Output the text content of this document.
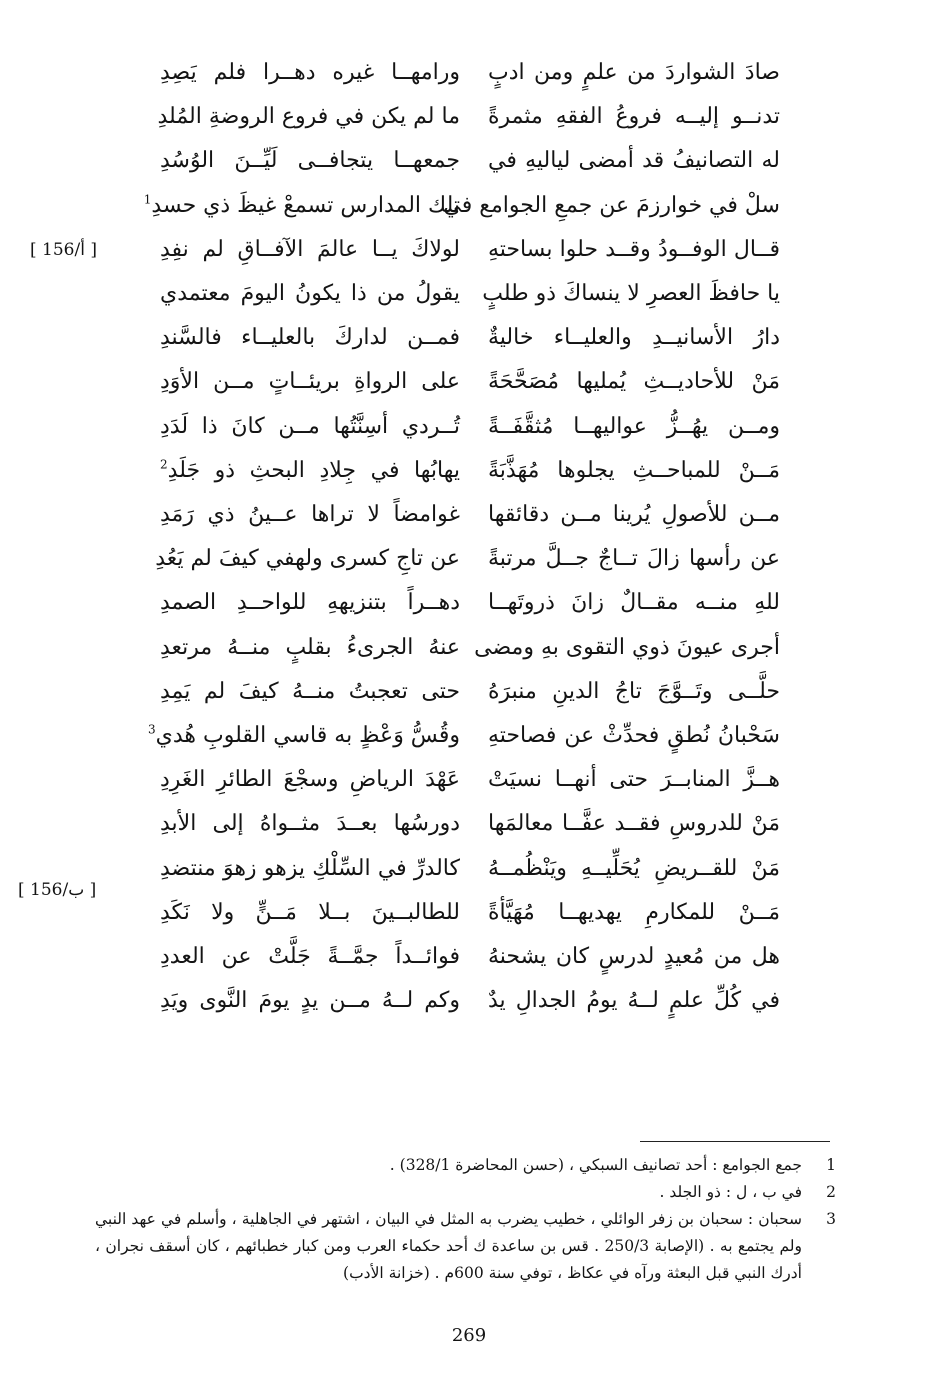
صادَ الشواردَ من علمٍ ومن ادبٍ
تدنــو إليــه فروعُ الفقهِ مثمرةً
له التصانيفُ قد أمضى لياليهِ في
سلْ في خوارزمَ عن جمعِ الجوامع في
قــال الوفــودُ وقــد حلوا بساحتهِ
يا حافظَ العصرِ لا ينساكَ ذو طلبٍ
دارُ الأسانيــدِ والعليــاء خاليةٌ
مَنْ للأحاديــثِ يُمليها مُصَحَّحَةً
ومــن يهُــزُّ عواليهــا مُثقَّفَــةً
مَــنْ للمباحــثِ يجلوها مُهَذَّبَةً
مــن للأصولِ يُرينا مــن دقائقها
عن رأسها زالَ تــاجٌ جــلَّ مرتبةً
للهِ منــه مقــالٌ زانَ ذروتَهــا
أجرى عيونَ ذوي التقوى بهِ ومضى
حلَّــى وتَــوَّجَ تاجُ الدينِ منبرَهُ
سَحْبانُ نُطقٍ فحدِّثْ عن فصاحتهِ
هــزَّ المنابــرَ حتى أنهــا نسيَتْ
مَنْ للدروسِ فقــد عفَّــا معالمَها
مَنْ للقــريضِ يُحَلِّيــهِ ويَنْظُمــهُ
مَــنْ للمكارمِ يهديهــا مُهَيَّأةً
هل من مُعيدٍ لدرسٍ كان يشحنهُ
في كُلِّ علمٍ لــهُ يومُ الجدالِ يدٌ
ورامهــا غيره دهــرا فلم يَصِدِ
ما لم يكن في فروع الروضةِ المُلدِ
جمعهــا يتجافــى لَيِّــنَ الوُسُدِ
تلك المدارس تسمعْ غيظَ ذي حسدِ$^1$
لولاكَ يــا عالمَ الآفــاقِ لم نفِدِ
يقولُ من ذا يكونُ اليومَ معتمدي
فمــن لداركَ بالعليــاء فالسَّندِ
على الرواةِ بريئــاتٍ مــن الأوَدِ
تُــردي أسِنَّتُها مــن كانَ ذا لَدَدِ
يهابُها في جِلادِ البحثِ ذو جَلَدِ$^2$
غوامضاً لا تراها عــينُ ذي رَمَدِ
عن تاجِ كسرى ولهفي كيفَ لم يَعُدِ
دهــراً بتنزيههِ للواحــدِ الصمدِ
عنهُ الجرىءُ بقلبٍ منــهُ مرتعدِ
حتى تعجبتُ منــهُ كيفَ لم يَمِدِ
وقُسُّ وَعْظٍ به قاسي القلوبِ هُدي$^3$
عَهْدَ الرياضِ وسجْعَ الطائرِ الغَرِدِ
دورسُها بعــدَ مثــواهُ إلى الأبدِ
كالدرِّ في السِّلْكِ يزهو زهوَ منتضدِ
للطالبــينَ بــلا مَــنٍّ ولا نَكَدِ
فوائــداً جمَّــةً جَلَّتْ عن العددِ
وكم لــهُ مــن يدٍ يومَ النَّوى ويَدِ
[ 156/أ ]
[ 156/ب ]
1
جمع الجوامع : أحد تصانيف السبكي ، (حسن المحاضرة 328/1) .
2
في ب ، ل : ذو الجلد .
3
سحبان : سحبان بن زفر الوائلي ، خطيب يضرب به المثل في البيان ، اشتهر في الجاهلية ، وأسلم في عهد النبي ولم يجتمع به . (الإصابة 250/3 . قس بن ساعدة ك أحد حكماء العرب ومن كبار خطبائهم ، كان أسقف نجران ، أدرك النبي قبل البعثة ورآه في عكاظ ، توفي سنة 600م . (خزانة الأدب)
269
